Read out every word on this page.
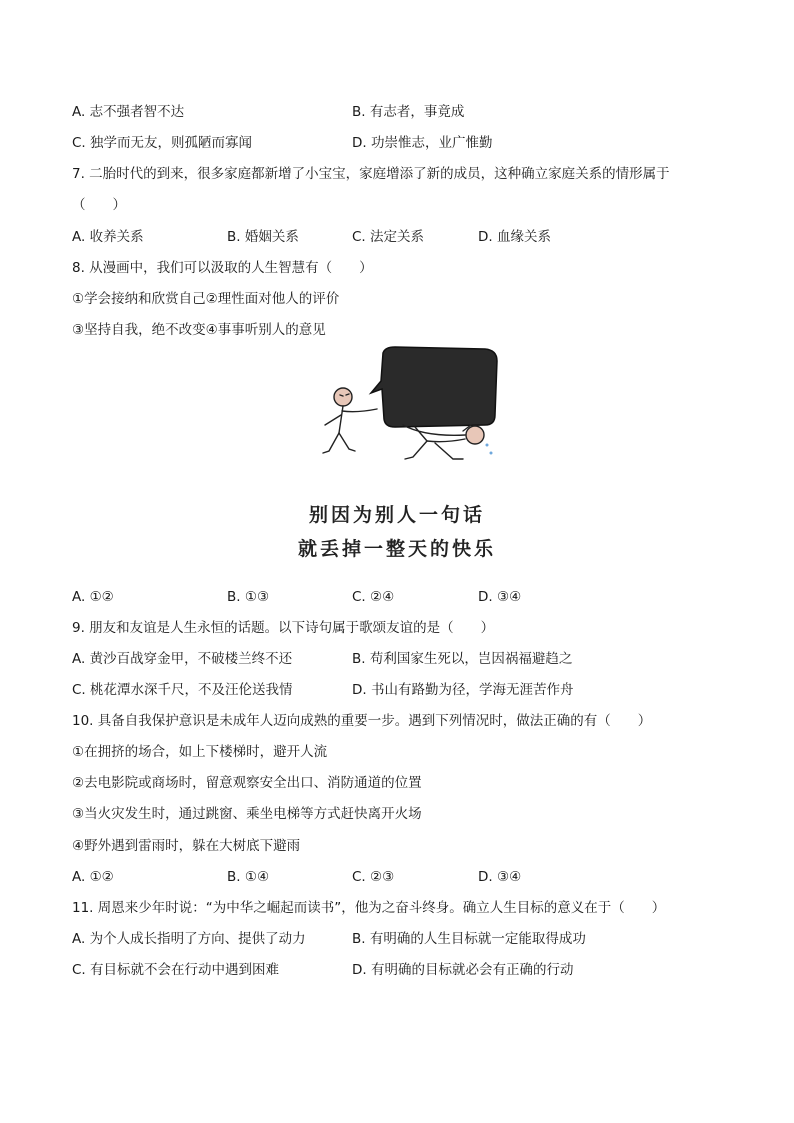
A. 志不强者智不达	B. 有志者，事竟成
C. 独学而无友，则孤陋而寡闻	D. 功崇惟志，业广惟勤
7. 二胎时代的到来，很多家庭都新增了小宝宝，家庭增添了新的成员，这种确立家庭关系的情形属于
（　　）
A. 收养关系	B. 婚姻关系	C. 法定关系	D. 血缘关系
8. 从漫画中，我们可以汲取的人生智慧有（　　）
①学会接纳和欣赏自己②理性面对他人的评价
③坚持自我，绝不改变④事事听别人的意见
别因为别人一句话
就丢掉一整天的快乐
A. ①②	B. ①③	C. ②④	D. ③④
9. 朋友和友谊是人生永恒的话题。以下诗句属于歌颂友谊的是（　　）
A. 黄沙百战穿金甲，不破楼兰终不还	B. 苟利国家生死以，岂因祸福避趋之
C. 桃花潭水深千尺，不及汪伦送我情	D. 书山有路勤为径，学海无涯苦作舟
10. 具备自我保护意识是未成年人迈向成熟的重要一步。遇到下列情况时，做法正确的有（　　）
①在拥挤的场合，如上下楼梯时，避开人流
②去电影院或商场时，留意观察安全出口、消防通道的位置
③当火灾发生时，通过跳窗、乘坐电梯等方式赶快离开火场
④野外遇到雷雨时，躲在大树底下避雨
A. ①②	B. ①④	C. ②③	D. ③④
11. 周恩来少年时说：“为中华之崛起而读书”，他为之奋斗终身。确立人生目标的意义在于（　　）
A. 为个人成长指明了方向、提供了动力	B. 有明确的人生目标就一定能取得成功
C. 有目标就不会在行动中遇到困难	D. 有明确的目标就必会有正确的行动
